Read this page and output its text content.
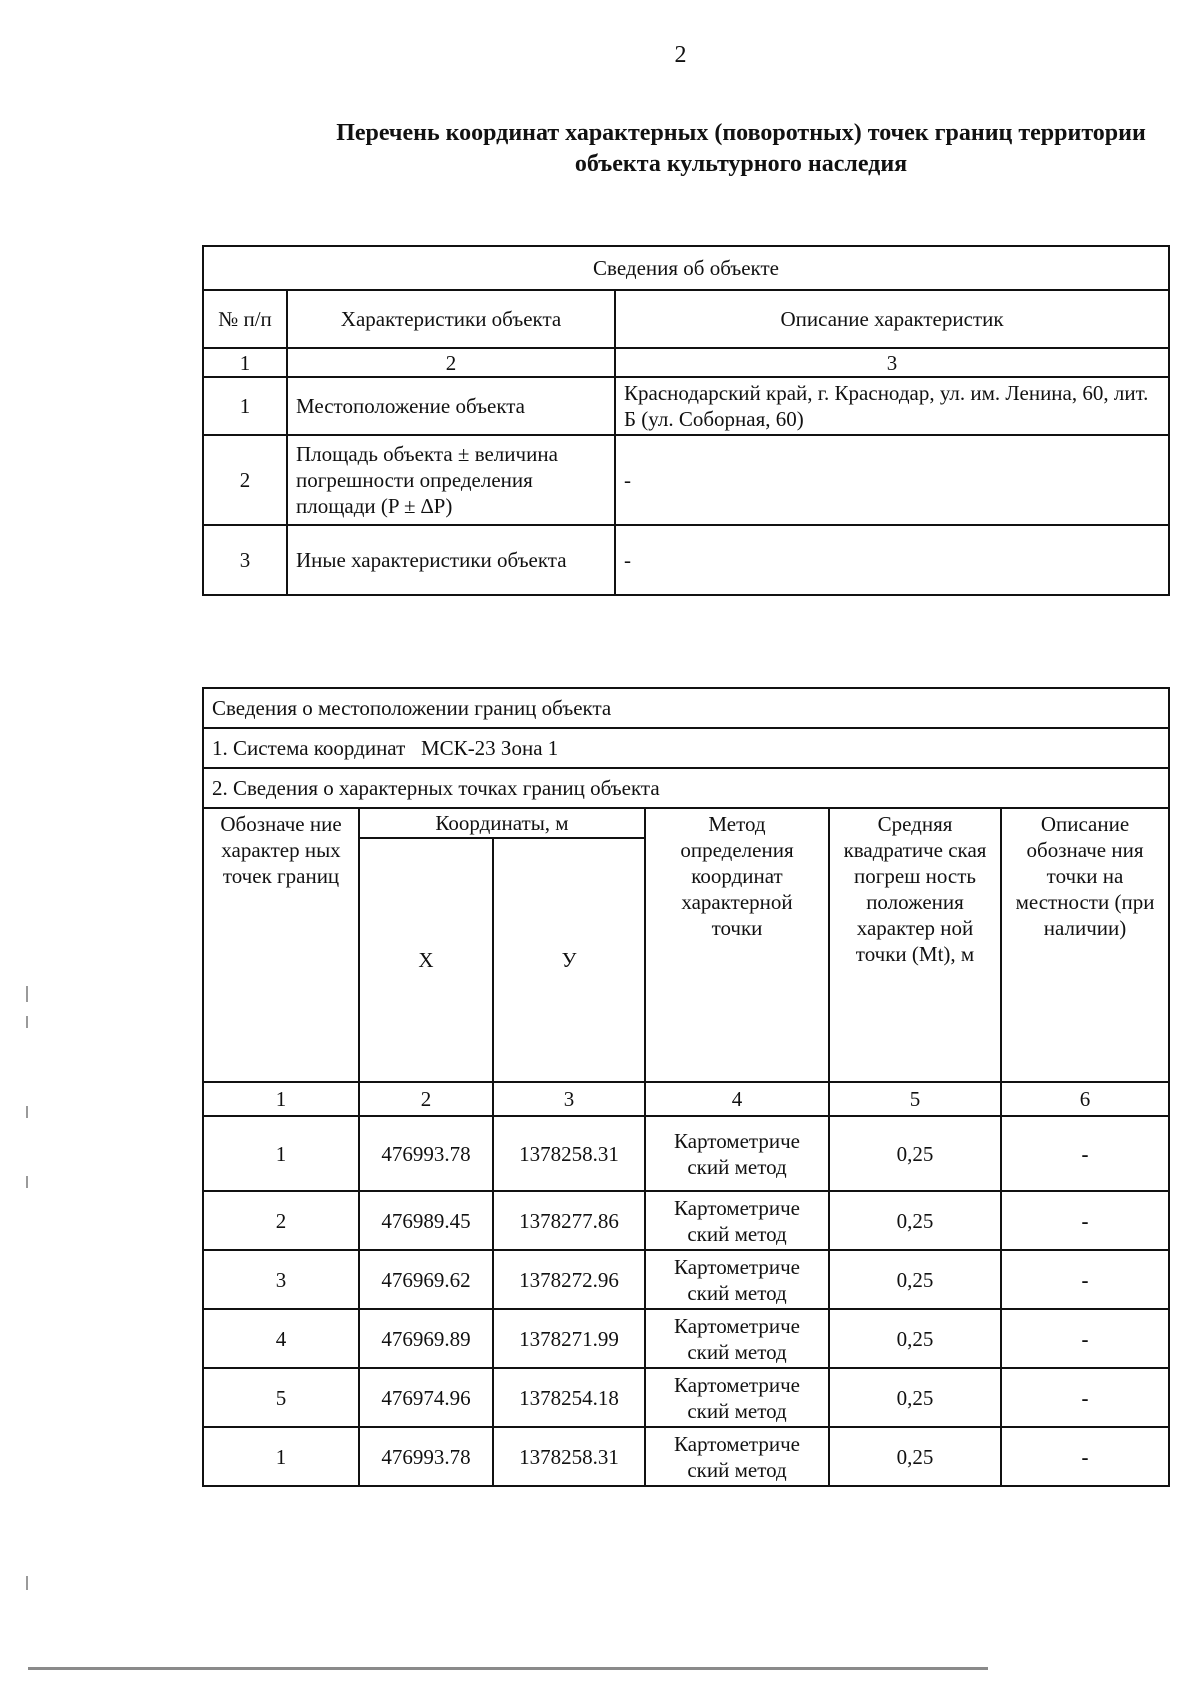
2
Перечень координат характерных (поворотных) точек границ территории
объекта культурного наследия
Сведения об объекте		
№ п/п	Характеристики объекта	Описание характеристик
1	2	3
1	Местоположение объекта	Краснодарский край, г. Краснодар, ул. им. Ленина, 60, лит. Б (ул. Соборная, 60)
2	Площадь объекта ± величина погрешности определения площади (P ± ∆P)	-
3	Иные характеристики объекта	-
Сведения о местоположении границ объекта					
1. Система координат   МСК-23 Зона 1					
2. Сведения о характерных точках границ объекта					
Обозначе ние характер ных точек границ	Координаты, м		Метод определения координат характерной точки	Средняя квадратиче ская погреш ность положения характер ной точки (Mt), м	Описание обозначе ния точки на местности (при наличии)
	X	У			
1	2	3	4	5	6
1	476993.78	1378258.31	Картометриче ский метод	0,25	-
2	476989.45	1378277.86	Картометриче ский метод	0,25	-
3	476969.62	1378272.96	Картометриче ский метод	0,25	-
4	476969.89	1378271.99	Картометриче ский метод	0,25	-
5	476974.96	1378254.18	Картометриче ский метод	0,25	-
1	476993.78	1378258.31	Картометриче ский метод	0,25	-
